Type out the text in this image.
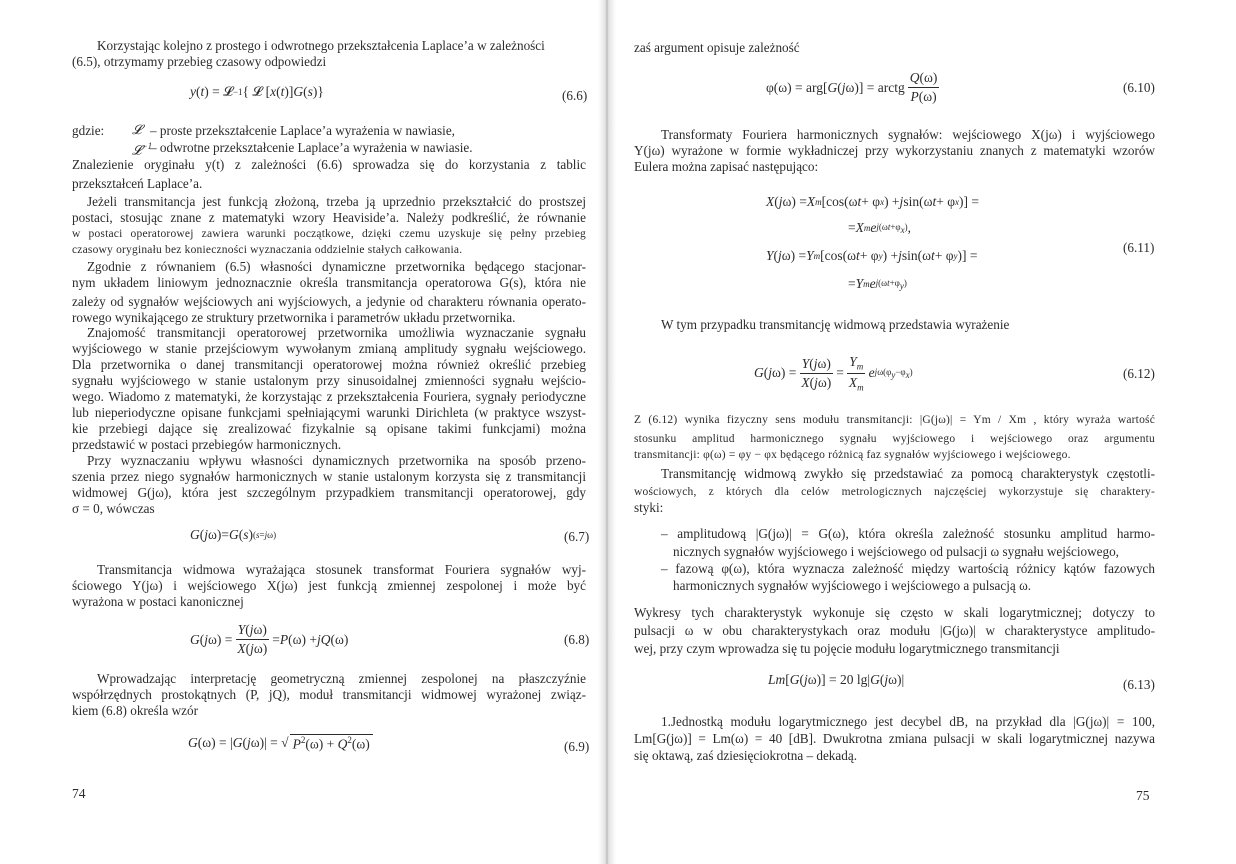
Korzystając kolejno z prostego i odwrotnego przekształcenia Laplace’a w zależności
(6.5), otrzymamy przebieg czasowy odpowiedzi
y ( t ) = 𝓛 −1 { 𝓛 [ x ( t )] G ( s )}	(6.6)
gdzie: 𝓛 – proste przekształcenie Laplace’a wyrażenia w nawiasie,
𝓛$^{-1}$
– odwrotne przekształcenie Laplace’a wyrażenia w nawiasie.
Znalezienie oryginału y(t) z zależności (6.6) sprowadza się do korzystania z tablic
przekształceń Laplace’a.
Jeżeli transmitancja jest funkcją złożoną, trzeba ją uprzednio przekształcić do prostszej
postaci, stosując znane z matematyki wzory Heaviside’a. Należy podkreślić, że równanie
w postaci operatorowej zawiera warunki początkowe, dzięki czemu uzyskuje się pełny przebieg
czasowy oryginału bez konieczności wyznaczania oddzielnie stałych całkowania.
Zgodnie z równaniem (6.5) własności dynamiczne przetwornika będącego stacjonar-
nym układem liniowym jednoznacznie określa transmitancja operatorowa G(s), która nie
zależy od sygnałów wejściowych ani wyjściowych, a jedynie od charakteru równania operato-
rowego wynikającego ze struktury przetwornika i parametrów układu przetwornika.
Znajomość transmitancji operatorowej przetwornika umożliwia wyznaczanie sygnału
wyjściowego w stanie przejściowym wywołanym zmianą amplitudy sygnału wejściowego.
Dla przetwornika o danej transmitancji operatorowej można również określić przebieg
sygnału wyjściowego w stanie ustalonym przy sinusoidalnej zmienności sygnału wejścio-
wego. Wiadomo z matematyki, że korzystając z przekształcenia Fouriera, sygnały periodyczne
lub nieperiodyczne opisane funkcjami spełniającymi warunki Dirichleta (w praktyce wszyst-
kie przebiegi dające się zrealizować fizykalnie są opisane takimi funkcjami) można
przedstawić w postaci przebiegów harmonicznych.
Przy wyznaczaniu wpływu własności dynamicznych przetwornika na sposób przeno-
szenia przez niego sygnałów harmonicznych w stanie ustalonym korzysta się z transmitancji
widmowej G(jω), która jest szczególnym przypadkiem transmitancji operatorowej, gdy
σ = 0, wówczas
G ( j ω)= G ( s ) (s=jω)	(6.7)
Transmitancja widmowa wyrażająca stosunek transformat Fouriera sygnałów wyj-
ściowego Y(jω) i wejściowego X(jω) jest funkcją zmiennej zespolonej i może być
wyrażona w postaci kanonicznej
G ( j $\omega) = \frac{Y(j\omega)}{X(j\omega)} = P$ (ω) + jQ (ω)	(6.8)
Wprowadzając interpretację geometryczną zmiennej zespolonej na płaszczyźnie
współrzędnych prostokątnych (P, jQ), moduł transmitancji widmowej wyrażonej związ-
kiem (6.8) określa wzór
G (ω) = | G ( j ω)| = √ $P^2(\omega) + Q^2(\omega)$	(6.9)
74
zaś argument opisuje zależność
φ(ω) = arg[ G ( j ω)] = arctg $\frac{Q(\omega)}{P(\omega)}$	(6.10)
Transformaty Fouriera harmonicznych sygnałów: wejściowego X(jω) i wyjściowego
Y(jω) wyrażone w formie wykładniczej przy wykorzystaniu znanych z matematyki wzorów
Eulera można zapisać następująco:
X ( j ω) = X m [cos(ω t + φ x ) + j sin(ω t + φ x )] =
= X m e $j(\omega t+\varphi_x)$ ,
Y ( j ω) = Y m [cos(ω t + φ y ) + j sin(ω t + φ y )] =
= Y m e $j(\omega t+\varphi_y)$
(6.11)
W tym przypadku transmitancję widmową przedstawia wyrażenie
G ( j $\omega) = \frac{Y(j\omega)}{X(j\omega)} = \frac{Y_m}{X_m}$ e $j\omega(\varphi_y-\varphi_x)$	(6.12)
Z (6.12) wynika fizyczny sens modułu transmitancji: |G(jω)| = Ym / Xm , który wyraża wartość
stosunku amplitud harmonicznego sygnału wyjściowego i wejściowego oraz argumentu
transmitancji: φ(ω) = φy − φx będącego różnicą faz sygnałów wyjściowego i wejściowego.
Transmitancję widmową zwykło się przedstawiać za pomocą charakterystyk częstotli-
wościowych, z których dla celów metrologicznych najczęściej wykorzystuje się charaktery-
styki:
– amplitudową |G(jω)| = G(ω), która określa zależność stosunku amplitud harmo-
nicznych sygnałów wyjściowego i wejściowego od pulsacji ω sygnału wejściowego,
– fazową φ(ω), która wyznacza zależność między wartością różnicy kątów fazowych
harmonicznych sygnałów wyjściowego i wejściowego a pulsacją ω.
Wykresy tych charakterystyk wykonuje się często w skali logarytmicznej; dotyczy to
pulsacji ω w obu charakterystykach oraz modułu |G(jω)| w charakterystyce amplitudo-
wej, przy czym wprowadza się tu pojęcie modułu logarytmicznego transmitancji
Lm [ G ( j ω)] = 20 lg| G ( j ω)|	(6.13)
1.Jednostką modułu logarytmicznego jest decybel dB, na przykład dla |G(jω)| = 100,
Lm[G(jω)] = Lm(ω) = 40 [dB]. Dwukrotna zmiana pulsacji w skali logarytmicznej nazywa
się oktawą, zaś dziesięciokrotna – dekadą.
75
